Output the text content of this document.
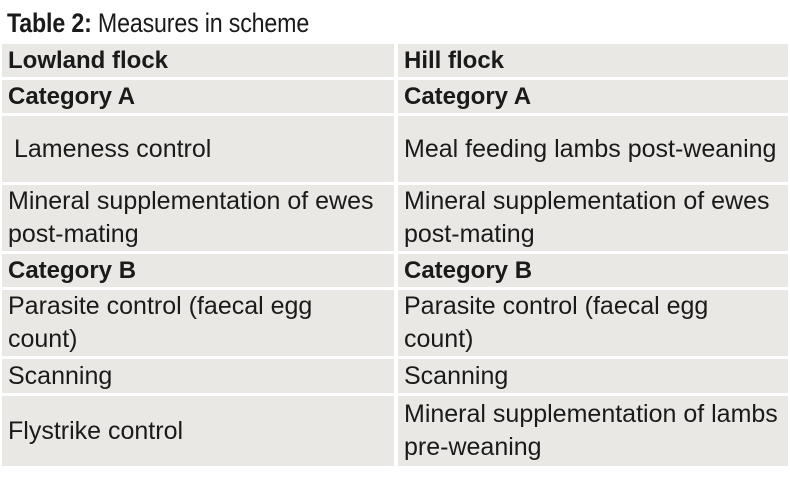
Table 2: Measures in scheme
Lowland flock	Hill flock
Category A	Category A
Lameness control	Meal feeding lambs post-weaning
Mineral supplementation of ewes post-mating	Mineral supplementation of ewes post-mating
Category B	Category B
Parasite control (faecal egg count)	Parasite control (faecal egg count)
Scanning	Scanning
Flystrike control	Mineral supplementation of lambs pre-weaning
